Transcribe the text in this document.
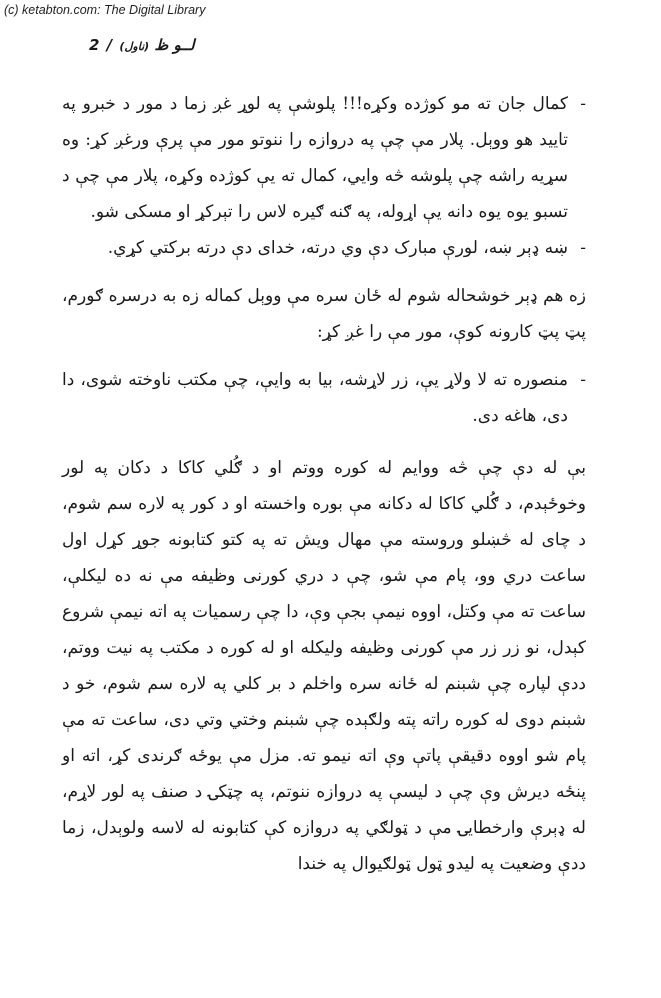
(c) ketabton.com: The Digital Library
لــو ظ (ناول) / 2

-
کمال جان ته مو کوژده وکړه!!! پلوشې په لوړ غږ زما د مور د خبرو په تایید هو ووېل. پلار مې چې په دروازه را ننوتو مور مې پرې ورغږ کړ: وه سړیه راشه چې پلوشه څه وايي، کمال ته یې کوژده وکړه، پلار مې چې د تسبو یوه یوه دانه یې اړوله، په ګنه ګیره لاس را تېرکړ او مسکی شو.

-
ښه ډېر ښه، لورې مبارک دې وي درته، خدای دې درته برکتي کړي.

زه هم ډېر خوشحاله شوم له ځان سره مې ووېل کماله زه به درسره ګورم، پټ پټ کارونه کوې، مور مې را غږ کړ:

-
منصوره ته لا ولاړ یې، زر لاړشه، بیا به وایې، چې مکتب ناوخته شوی، دا دی، هاغه دی.

بې له دې چې څه ووایم له کوره ووتم او د ګُلي کاکا د دکان په لور وخوځېدم، د ګُلي کاکا له دکانه مې بوره واخسته او د کور په لاره سم شوم، د چای له څښلو وروسته مې مهال ویش ته په کتو کتابونه جوړ کړل اول ساعت دري وو، پام مې شو، چې د دري کورنی وظیفه مې نه ده لیکلې، ساعت ته مې وکتل، اووه نیمې بجې وې، دا چې رسمیات په اته نیمې شروع کېدل، نو زر زر مې کورنی وظیفه ولیکله او له کوره د مکتب په نیت ووتم، ددې لپاره چې شبنم له ځانه سره واخلم د بر کلي په لاره سم شوم، خو د شبنم دوی له کوره راته پته ولګېده چې شبنم وختي وتي دی، ساعت ته مې پام شو اووه دقیقې پاتې وې اته نیمو ته. مزل مې یوځه ګرندی کړ، اته او پنځه دیرش وې چې د لیسې په دروازه ننوتم، په چټکۍ د صنف په لور لاړم، له ډېرې وارخطایۍ مې د ټولګي په دروازه کې کتابونه له لاسه ولوېدل، زما ددې وضعیت په لیدو ټول ټولګیوال په خندا
